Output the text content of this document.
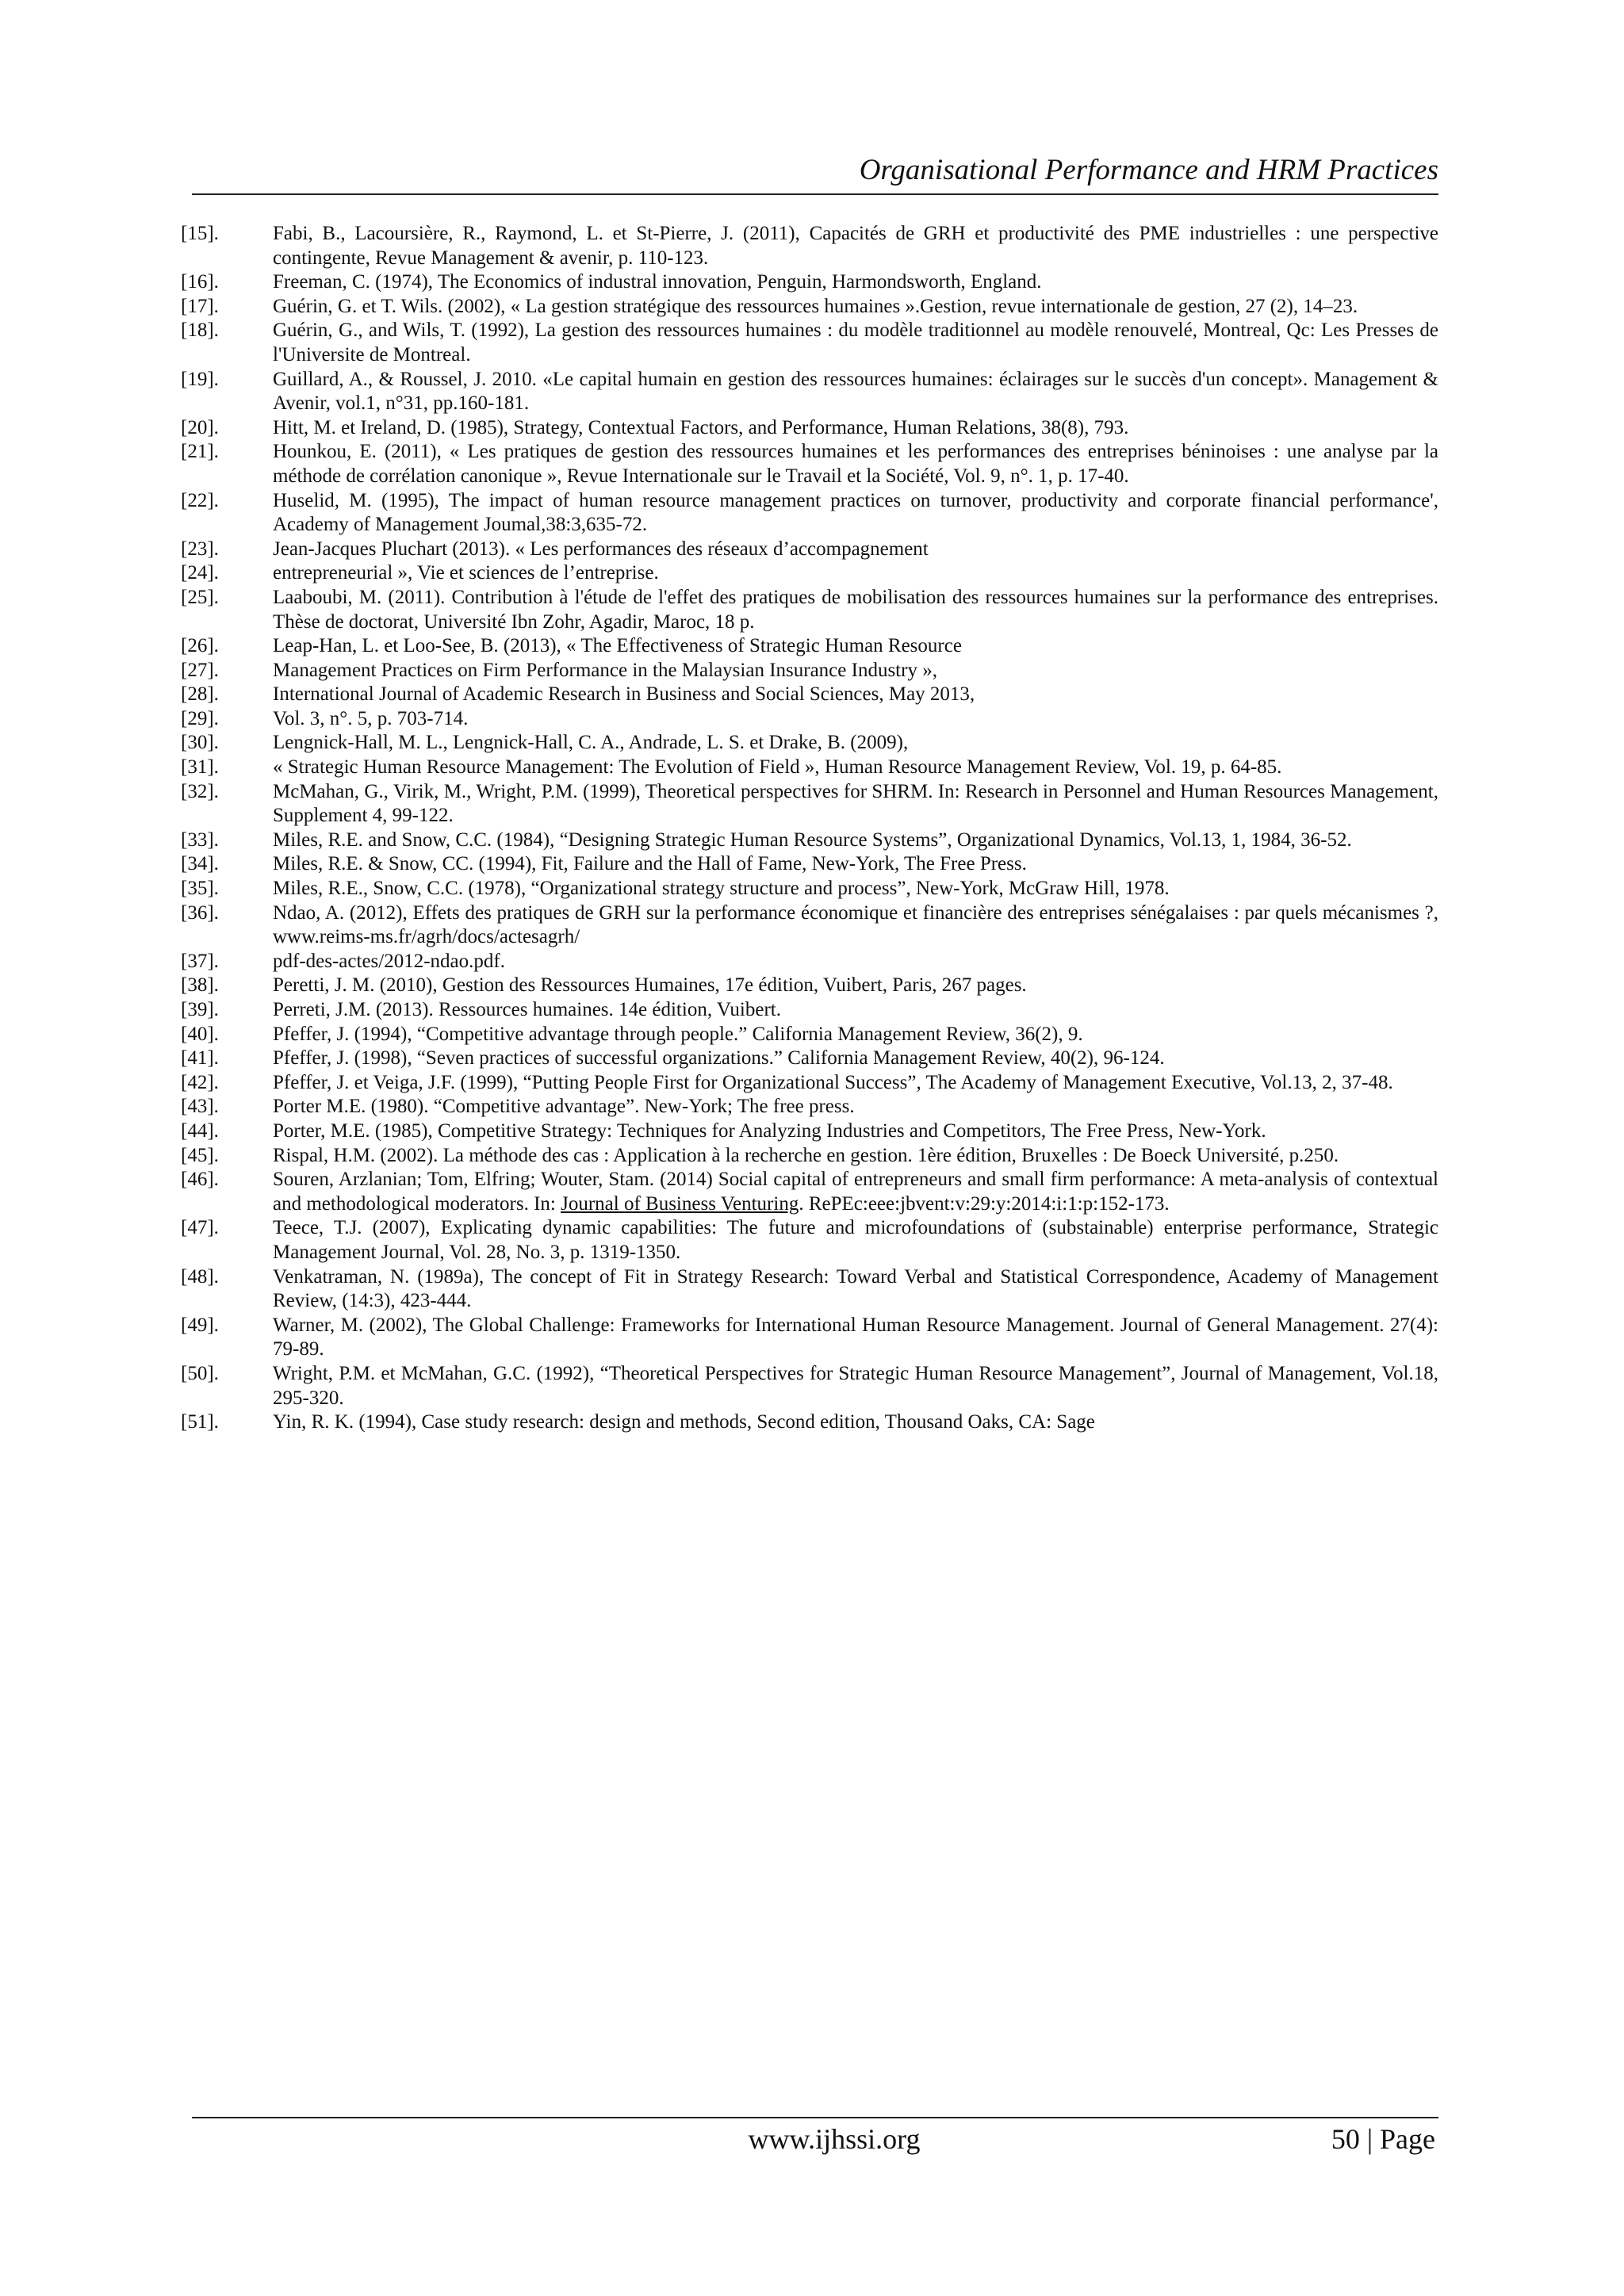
Organisational Performance and HRM Practices
[15].	Fabi, B., Lacoursière, R., Raymond, L. et St-Pierre, J. (2011), Capacités de GRH et productivité des PME industrielles : une perspective contingente, Revue Management & avenir, p. 110-123.
[16].	Freeman, C. (1974), The Economics of industral innovation, Penguin, Harmondsworth, England.
[17].	Guérin, G. et T. Wils. (2002), « La gestion stratégique des ressources humaines ».Gestion, revue internationale de gestion, 27 (2), 14–23.
[18].	Guérin, G., and Wils, T. (1992), La gestion des ressources humaines : du modèle traditionnel au modèle renouvelé, Montreal, Qc: Les Presses de l'Universite de Montreal.
[19].	Guillard, A., & Roussel, J. 2010. «Le capital humain en gestion des ressources humaines: éclairages sur le succès d'un concept». Management & Avenir, vol.1, n°31, pp.160-181.
[20].	Hitt, M. et Ireland, D. (1985), Strategy, Contextual Factors, and Performance, Human Relations, 38(8), 793.
[21].	Hounkou, E. (2011), « Les pratiques de gestion des ressources humaines et les performances des entreprises béninoises : une analyse par la méthode de corrélation canonique », Revue Internationale sur le Travail et la Société, Vol. 9, n°. 1, p. 17-40.
[22].	Huselid, M. (1995), The impact of human resource management practices on turnover, productivity and corporate financial performance', Academy of Management Joumal,38:3,635-72.
[23].	Jean-Jacques Pluchart (2013). « Les performances des réseaux d’accompagnement
[24].	entrepreneurial », Vie et sciences de l’entreprise.
[25].	Laaboubi, M. (2011). Contribution à l'étude de l'effet des pratiques de mobilisation des ressources humaines sur la performance des entreprises. Thèse de doctorat, Université Ibn Zohr, Agadir, Maroc, 18 p.
[26].	Leap-Han, L. et Loo-See, B. (2013), « The Effectiveness of Strategic Human Resource
[27].	Management Practices on Firm Performance in the Malaysian Insurance Industry »,
[28].	International Journal of Academic Research in Business and Social Sciences, May 2013,
[29].	Vol. 3, n°. 5, p. 703-714.
[30].	Lengnick-Hall, M. L., Lengnick-Hall, C. A., Andrade, L. S. et Drake, B. (2009),
[31].	« Strategic Human Resource Management: The Evolution of Field », Human Resource Management Review, Vol. 19, p. 64-85.
[32].	McMahan, G., Virik, M., Wright, P.M. (1999), Theoretical perspectives for SHRM. In: Research in Personnel and Human Resources Management, Supplement 4, 99-122.
[33].	Miles, R.E. and Snow, C.C. (1984), “Designing Strategic Human Resource Systems”, Organizational Dynamics, Vol.13, 1, 1984, 36-52.
[34].	Miles, R.E. & Snow, CC. (1994), Fit, Failure and the Hall of Fame, New-York, The Free Press.
[35].	Miles, R.E., Snow, C.C. (1978), “Organizational strategy structure and process”, New-York, McGraw Hill, 1978.
[36].	Ndao, A. (2012), Effets des pratiques de GRH sur la performance économique et financière des entreprises sénégalaises : par quels mécanismes ?, www.reims-ms.fr/agrh/docs/actesagrh/
[37].	pdf-des-actes/2012-ndao.pdf.
[38].	Peretti, J. M. (2010), Gestion des Ressources Humaines, 17e édition, Vuibert, Paris, 267 pages.
[39].	Perreti, J.M. (2013). Ressources humaines. 14e édition, Vuibert.
[40].	Pfeffer, J. (1994), “Competitive advantage through people.” California Management Review, 36(2), 9.
[41].	Pfeffer, J. (1998), “Seven practices of successful organizations.” California Management Review, 40(2), 96-124.
[42].	Pfeffer, J. et Veiga, J.F. (1999), “Putting People First for Organizational Success”, The Academy of Management Executive, Vol.13, 2, 37-48.
[43].	Porter M.E. (1980). “Competitive advantage”. New-York; The free press.
[44].	Porter, M.E. (1985), Competitive Strategy: Techniques for Analyzing Industries and Competitors, The Free Press, New-York.
[45].	Rispal, H.M. (2002). La méthode des cas : Application à la recherche en gestion. 1ère édition, Bruxelles : De Boeck Université, p.250.
[46].	Souren, Arzlanian; Tom, Elfring; Wouter, Stam. (2014) Social capital of entrepreneurs and small firm performance: A meta-analysis of contextual and methodological moderators. In: Journal of Business Venturing. RePEc:eee:jbvent:v:29:y:2014:i:1:p:152-173.
[47].	Teece, T.J. (2007), Explicating dynamic capabilities: The future and microfoundations of (substainable) enterprise performance, Strategic Management Journal, Vol. 28, No. 3, p. 1319-1350.
[48].	Venkatraman, N. (1989a), The concept of Fit in Strategy Research: Toward Verbal and Statistical Correspondence, Academy of Management Review, (14:3), 423-444.
[49].	Warner, M. (2002), The Global Challenge: Frameworks for International Human Resource Management. Journal of General Management. 27(4): 79-89.
[50].	Wright, P.M. et McMahan, G.C. (1992), “Theoretical Perspectives for Strategic Human Resource Management”, Journal of Management, Vol.18, 295-320.
[51].	Yin, R. K. (1994), Case study research: design and methods, Second edition, Thousand Oaks, CA: Sage
www.ijhssi.org	50 | Page
